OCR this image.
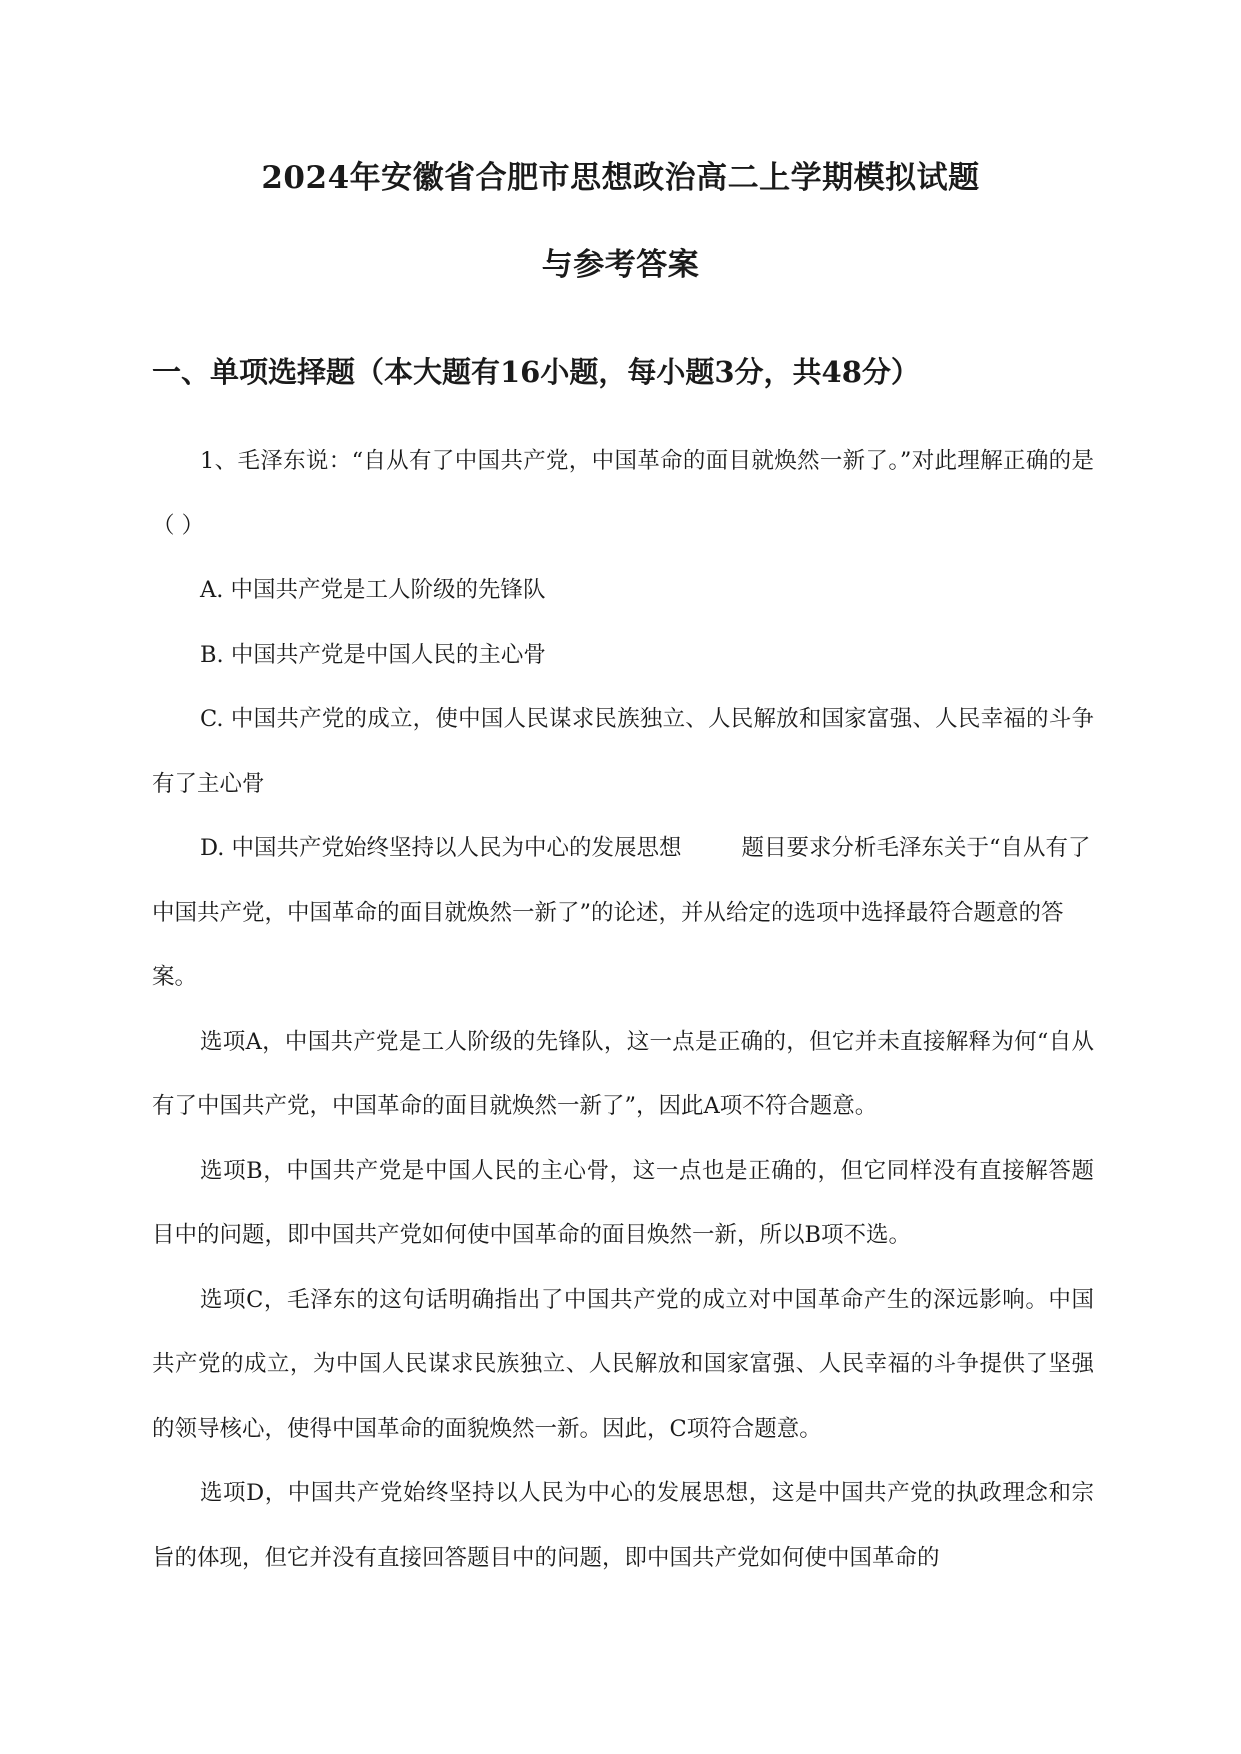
2024年安徽省合肥市思想政治高二上学期模拟试题
与参考答案
一、单项选择题（本大题有16小题，每小题3分，共48分）

1、毛泽东说：“自从有了中国共产党，中国革命的面目就焕然一新了。”对此理解正确的是（ ）

A. 中国共产党是工人阶级的先锋队

B. 中国共产党是中国人民的主心骨

C. 中国共产党的成立，使中国人民谋求民族独立、人民解放和国家富强、人民幸福的斗争有了主心骨

D. 中国共产党始终坚持以人民为中心的发展思想	题目要求分析毛泽东关于“自从有了中国共产党，中国革命的面目就焕然一新了”的论述，并从给定的选项中选择最符合题意的答案。

选项A，中国共产党是工人阶级的先锋队，这一点是正确的，但它并未直接解释为何“自从有了中国共产党，中国革命的面目就焕然一新了”，因此A项不符合题意。

选项B，中国共产党是中国人民的主心骨，这一点也是正确的，但它同样没有直接解答题目中的问题，即中国共产党如何使中国革命的面目焕然一新，所以B项不选。

选项C，毛泽东的这句话明确指出了中国共产党的成立对中国革命产生的深远影响。中国共产党的成立，为中国人民谋求民族独立、人民解放和国家富强、人民幸福的斗争提供了坚强的领导核心，使得中国革命的面貌焕然一新。因此，C项符合题意。

选项D，中国共产党始终坚持以人民为中心的发展思想，这是中国共产党的执政理念和宗旨的体现，但它并没有直接回答题目中的问题，即中国共产党如何使中国革命的
